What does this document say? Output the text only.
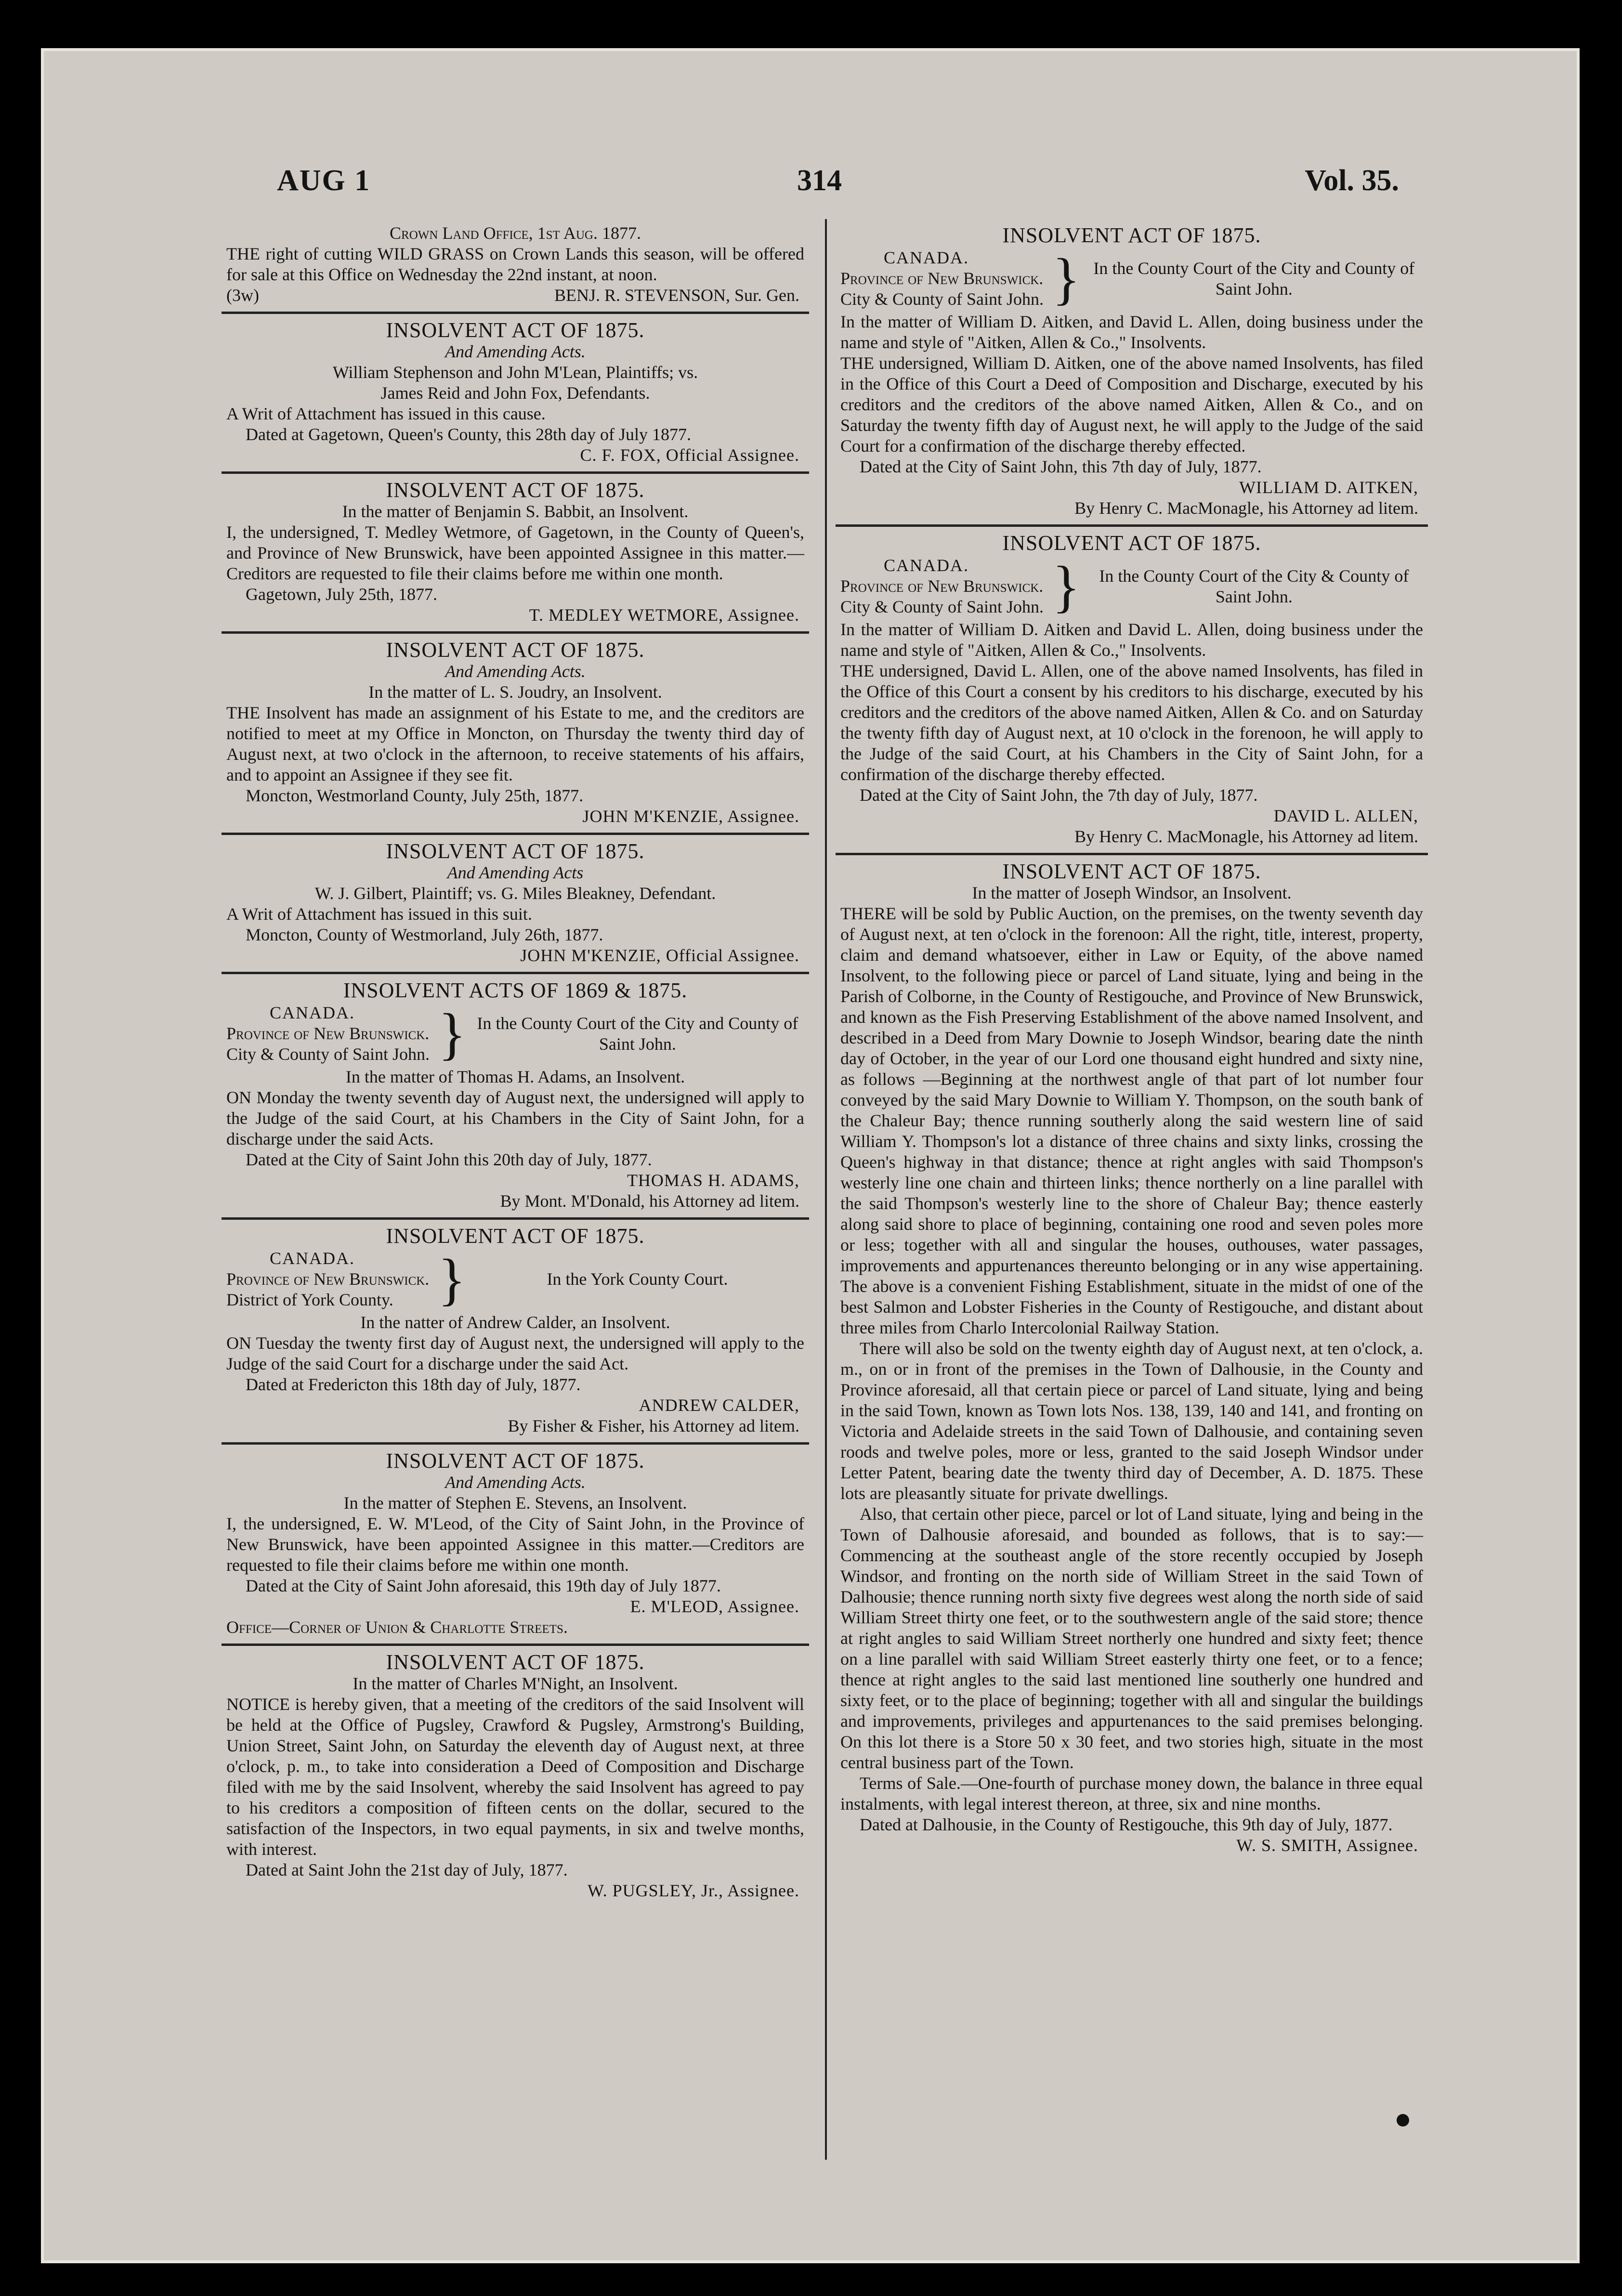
AUG 1	314	Vol. 35.
Crown Land Office, 1st Aug. 1877.
THE right of cutting WILD GRASS on Crown Lands this season, will be offered for sale at this Office on Wednesday the 22nd instant, at noon.
(3w)	BENJ. R. STEVENSON, Sur. Gen.
INSOLVENT ACT OF 1875.
And Amending Acts.
William Stephenson and John M'Lean, Plaintiffs; vs.
James Reid and John Fox, Defendants.
A Writ of Attachment has issued in this cause.
Dated at Gagetown, Queen's County, this 28th day of July 1877.
C. F. FOX, Official Assignee.
INSOLVENT ACT OF 1875.
In the matter of Benjamin S. Babbit, an Insolvent.
I, the undersigned, T. Medley Wetmore, of Gagetown, in the County of Queen's, and Province of New Brunswick, have been appointed Assignee in this matter.—Creditors are requested to file their claims before me within one month.
Gagetown, July 25th, 1877.
T. MEDLEY WETMORE, Assignee.
INSOLVENT ACT OF 1875.
And Amending Acts.
In the matter of L. S. Joudry, an Insolvent.
THE Insolvent has made an assignment of his Estate to me, and the creditors are notified to meet at my Office in Moncton, on Thursday the twenty third day of August next, at two o'clock in the afternoon, to receive statements of his affairs, and to appoint an Assignee if they see fit.
Moncton, Westmorland County, July 25th, 1877.
JOHN M'KENZIE, Assignee.
INSOLVENT ACT OF 1875.
And Amending Acts
W. J. Gilbert, Plaintiff; vs. G. Miles Bleakney, Defendant.
A Writ of Attachment has issued in this suit.
Moncton, County of Westmorland, July 26th, 1877.
JOHN M'KENZIE, Official Assignee.
INSOLVENT ACTS OF 1869 & 1875.
CANADA.
Province of New Brunswick.
City & County of Saint John. } In the County Court of the City and County of Saint John.
In the matter of Thomas H. Adams, an Insolvent.
ON Monday the twenty seventh day of August next, the undersigned will apply to the Judge of the said Court, at his Chambers in the City of Saint John, for a discharge under the said Acts.
Dated at the City of Saint John this 20th day of July, 1877.
THOMAS H. ADAMS,
By Mont. M'Donald, his Attorney ad litem.
INSOLVENT ACT OF 1875.
CANADA.
Province of New Brunswick.
District of York County. }	In the York County Court.
In the natter of Andrew Calder, an Insolvent.
ON Tuesday the twenty first day of August next, the undersigned will apply to the Judge of the said Court for a discharge under the said Act.
Dated at Fredericton this 18th day of July, 1877.
ANDREW CALDER,
By Fisher & Fisher, his Attorney ad litem.
INSOLVENT ACT OF 1875.
And Amending Acts.
In the matter of Stephen E. Stevens, an Insolvent.
I, the undersigned, E. W. M'Leod, of the City of Saint John, in the Province of New Brunswick, have been appointed Assignee in this matter.—Creditors are requested to file their claims before me within one month.
Dated at the City of Saint John aforesaid, this 19th day of July 1877.
E. M'LEOD, Assignee.
Office—Corner of Union & Charlotte Streets.
INSOLVENT ACT OF 1875.
In the matter of Charles M'Night, an Insolvent.
NOTICE is hereby given, that a meeting of the creditors of the said Insolvent will be held at the Office of Pugsley, Crawford & Pugsley, Armstrong's Building, Union Street, Saint John, on Saturday the eleventh day of August next, at three o'clock, p. m., to take into consideration a Deed of Composition and Discharge filed with me by the said Insolvent, whereby the said Insolvent has agreed to pay to his creditors a composition of fifteen cents on the dollar, secured to the satisfaction of the Inspectors, in two equal payments, in six and twelve months, with interest.
Dated at Saint John the 21st day of July, 1877.
W. PUGSLEY, Jr., Assignee.
INSOLVENT ACT OF 1875.
CANADA.
Province of New Brunswick.
City & County of Saint John. } In the County Court of the City and County of Saint John.
In the matter of William D. Aitken, and David L. Allen, doing business under the name and style of "Aitken, Allen & Co.," Insolvents.
THE undersigned, William D. Aitken, one of the above named Insolvents, has filed in the Office of this Court a Deed of Composition and Discharge, executed by his creditors and the creditors of the above named Aitken, Allen & Co., and on Saturday the twenty fifth day of August next, he will apply to the Judge of the said Court for a confirmation of the discharge thereby effected.
Dated at the City of Saint John, this 7th day of July, 1877.
WILLIAM D. AITKEN,
By Henry C. MacMonagle, his Attorney ad litem.
INSOLVENT ACT OF 1875.
CANADA.
Province of New Brunswick.
City & County of Saint John. }	In the County Court of the City & County of Saint John.
In the matter of William D. Aitken and David L. Allen, doing business under the name and style of "Aitken, Allen & Co.," Insolvents.
THE undersigned, David L. Allen, one of the above named Insolvents, has filed in the Office of this Court a consent by his creditors to his discharge, executed by his creditors and the creditors of the above named Aitken, Allen & Co. and on Saturday the twenty fifth day of August next, at 10 o'clock in the forenoon, he will apply to the Judge of the said Court, at his Chambers in the City of Saint John, for a confirmation of the discharge thereby effected.
Dated at the City of Saint John, the 7th day of July, 1877.
DAVID L. ALLEN,
By Henry C. MacMonagle, his Attorney ad litem.
INSOLVENT ACT OF 1875.
In the matter of Joseph Windsor, an Insolvent.
THERE will be sold by Public Auction, on the premises, on the twenty seventh day of August next, at ten o'clock in the forenoon: All the right, title, interest, property, claim and demand whatsoever, either in Law or Equity, of the above named Insolvent, to the following piece or parcel of Land situate, lying and being in the Parish of Colborne, in the County of Restigouche, and Province of New Brunswick, and known as the Fish Preserving Establishment of the above named Insolvent, and described in a Deed from Mary Downie to Joseph Windsor, bearing date the ninth day of October, in the year of our Lord one thousand eight hundred and sixty nine, as follows —Beginning at the northwest angle of that part of lot number four conveyed by the said Mary Downie to William Y. Thompson, on the south bank of the Chaleur Bay; thence running southerly along the said western line of said William Y. Thompson's lot a distance of three chains and sixty links, crossing the Queen's highway in that distance; thence at right angles with said Thompson's westerly line one chain and thirteen links; thence northerly on a line parallel with the said Thompson's westerly line to the shore of Chaleur Bay; thence easterly along said shore to place of beginning, containing one rood and seven poles more or less; together with all and singular the houses, outhouses, water passages, improvements and appurtenances thereunto belonging or in any wise appertaining. The above is a convenient Fishing Establishment, situate in the midst of one of the best Salmon and Lobster Fisheries in the County of Restigouche, and distant about three miles from Charlo Intercolonial Railway Station.
There will also be sold on the twenty eighth day of August next, at ten o'clock, a. m., on or in front of the premises in the Town of Dalhousie, in the County and Province aforesaid, all that certain piece or parcel of Land situate, lying and being in the said Town, known as Town lots Nos. 138, 139, 140 and 141, and fronting on Victoria and Adelaide streets in the said Town of Dalhousie, and containing seven roods and twelve poles, more or less, granted to the said Joseph Windsor under Letter Patent, bearing date the twenty third day of December, A. D. 1875. These lots are pleasantly situate for private dwellings.
Also, that certain other piece, parcel or lot of Land situate, lying and being in the Town of Dalhousie aforesaid, and bounded as follows, that is to say:—Commencing at the southeast angle of the store recently occupied by Joseph Windsor, and fronting on the north side of William Street in the said Town of Dalhousie; thence running north sixty five degrees west along the north side of said William Street thirty one feet, or to the southwestern angle of the said store; thence at right angles to said William Street northerly one hundred and sixty feet; thence on a line parallel with said William Street easterly thirty one feet, or to a fence; thence at right angles to the said last mentioned line southerly one hundred and sixty feet, or to the place of beginning; together with all and singular the buildings and improvements, privileges and appurtenances to the said premises belonging. On this lot there is a Store 50 x 30 feet, and two stories high, situate in the most central business part of the Town.
Terms of Sale.—One-fourth of purchase money down, the balance in three equal instalments, with legal interest thereon, at three, six and nine months.
Dated at Dalhousie, in the County of Restigouche, this 9th day of July, 1877.
W. S. SMITH, Assignee.
